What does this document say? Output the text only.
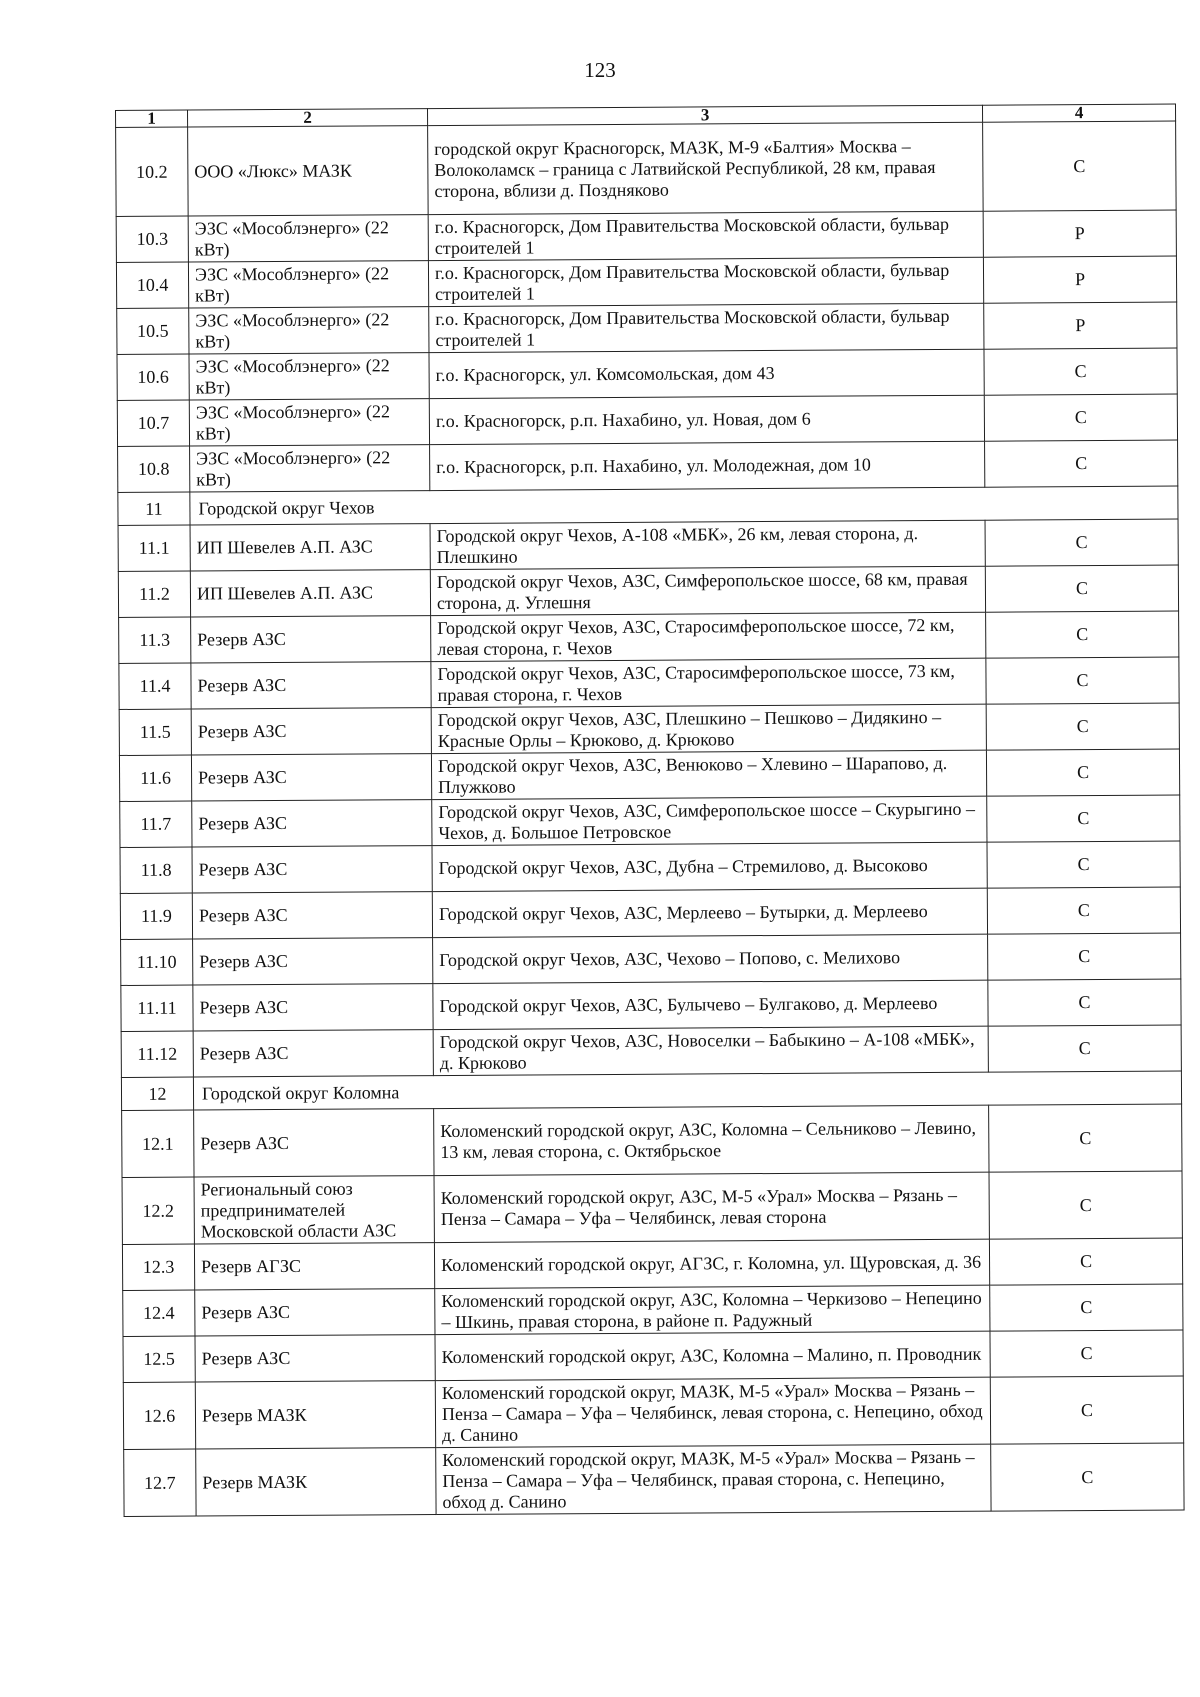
123
1	2	3	4
10.2	ООО «Люкс» МАЗК	городской округ Красногорск, МАЗК, М-9 «Балтия» Москва – Волоколамск – граница с Латвийской Республикой, 28 км, правая сторона, вблизи д. Поздняково	С
10.3	ЭЗС «Мособлэнерго» (22 кВт)	г.о. Красногорск, Дом Правительства Московской области, бульвар строителей 1	Р
10.4	ЭЗС «Мособлэнерго» (22 кВт)	г.о. Красногорск, Дом Правительства Московской области, бульвар строителей 1	Р
10.5	ЭЗС «Мособлэнерго» (22 кВт)	г.о. Красногорск, Дом Правительства Московской области, бульвар строителей 1	Р
10.6	ЭЗС «Мособлэнерго» (22 кВт)	г.о. Красногорск, ул. Комсомольская, дом 43	С
10.7	ЭЗС «Мособлэнерго» (22 кВт)	г.о. Красногорск, р.п. Нахабино, ул. Новая, дом 6	С
10.8	ЭЗС «Мособлэнерго» (22 кВт)	г.о. Красногорск, р.п. Нахабино, ул. Молодежная, дом 10	С
11	Городской округ Чехов		
11.1	ИП Шевелев А.П. АЗС	Городской округ Чехов, А-108 «МБК», 26 км, левая сторона, д. Плешкино	С
11.2	ИП Шевелев А.П. АЗС	Городской округ Чехов, АЗС, Симферопольское шоссе, 68 км, правая сторона, д. Углешня	С
11.3	Резерв АЗС	Городской округ Чехов, АЗС, Старосимферопольское шоссе, 72 км, левая сторона, г. Чехов	С
11.4	Резерв АЗС	Городской округ Чехов, АЗС, Старосимферопольское шоссе, 73 км, правая сторона, г. Чехов	С
11.5	Резерв АЗС	Городской округ Чехов, АЗС, Плешкино – Пешково – Дидякино – Красные Орлы – Крюково, д. Крюково	С
11.6	Резерв АЗС	Городской округ Чехов, АЗС, Венюково – Хлевино – Шарапово, д. Плужково	С
11.7	Резерв АЗС	Городской округ Чехов, АЗС, Симферопольское шоссе – Скурыгино – Чехов, д. Большое Петровское	С
11.8	Резерв АЗС	Городской округ Чехов, АЗС, Дубна – Стремилово, д. Высоково	С
11.9	Резерв АЗС	Городской округ Чехов, АЗС, Мерлеево – Бутырки, д. Мерлеево	С
11.10	Резерв АЗС	Городской округ Чехов, АЗС, Чехово – Попово, с. Мелихово	С
11.11	Резерв АЗС	Городской округ Чехов, АЗС, Булычево – Булгаково, д. Мерлеево	С
11.12	Резерв АЗС	Городской округ Чехов, АЗС, Новоселки – Бабыкино – А-108 «МБК», д. Крюково	С
12	Городской округ Коломна		
12.1	Резерв АЗС	Коломенский городской округ, АЗС, Коломна – Сельниково – Левино, 13 км, левая сторона, с. Октябрьское	С
12.2	Региональный союз предпринимателей Московской области АЗС	Коломенский городской округ, АЗС, М-5 «Урал» Москва – Рязань – Пенза – Самара – Уфа – Челябинск, левая сторона	С
12.3	Резерв АГЗС	Коломенский городской округ, АГЗС, г. Коломна, ул. Щуровская, д. 36	С
12.4	Резерв АЗС	Коломенский городской округ, АЗС, Коломна – Черкизово – Непецино – Шкинь, правая сторона, в районе п. Радужный	С
12.5	Резерв АЗС	Коломенский городской округ, АЗС, Коломна – Малино, п. Проводник	С
12.6	Резерв МАЗК	Коломенский городской округ, МАЗК, М-5 «Урал» Москва – Рязань – Пенза – Самара – Уфа – Челябинск, левая сторона, с. Непецино, обход д. Санино	С
12.7	Резерв МАЗК	Коломенский городской округ, МАЗК, М-5 «Урал» Москва – Рязань – Пенза – Самара – Уфа – Челябинск, правая сторона, с. Непецино, обход д. Санино	С
